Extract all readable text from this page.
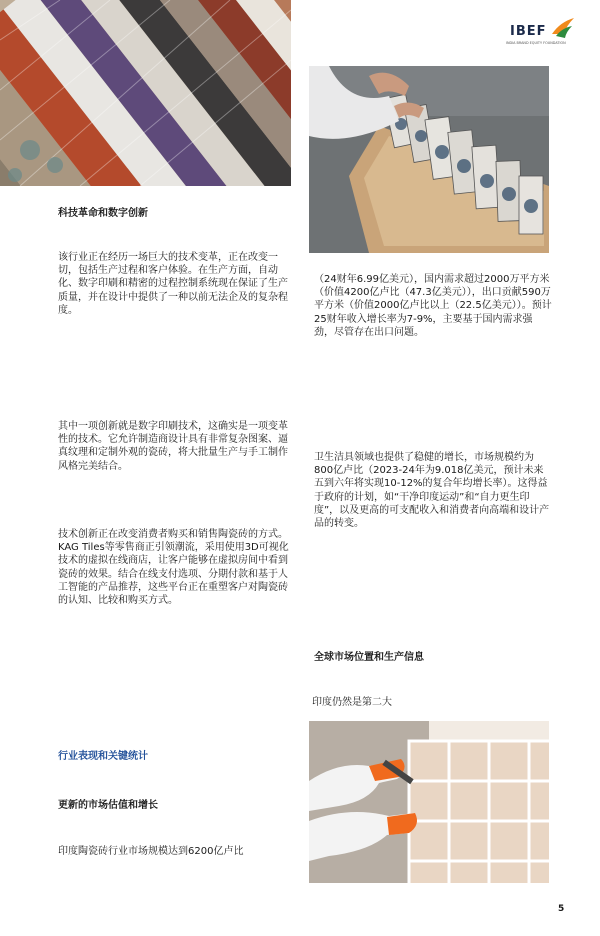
IBEF
INDIA BRAND EQUITY FOUNDATION
科技革命和数字创新
该行业正在经历一场巨大的技术变革，正在改变一切，包括生产过程和客户体验。在生产方面，自动化、数字印刷和精密的过程控制系统现在保证了生产质量，并在设计中提供了一种以前无法企及的复杂程度。
其中一项创新就是数字印刷技术，这确实是一项变革性的技术。它允许制造商设计具有非常复杂图案、逼真纹理和定制外观的瓷砖，将大批量生产与手工制作风格完美结合。
技术创新正在改变消费者购买和销售陶瓷砖的方式。KAG Tiles等零售商正引领潮流，采用使用3D可视化技术的虚拟在线商店，让客户能够在虚拟房间中看到瓷砖的效果。结合在线支付选项、分期付款和基于人工智能的产品推荐，这些平台正在重塑客户对陶瓷砖的认知、比较和购买方式。
行业表现和关键统计
更新的市场估值和增长
印度陶瓷砖行业市场规模达到6200亿卢比
（24财年6.99亿美元），国内需求超过2000万平方米（价值4200亿卢比（47.3亿美元）），出口贡献590万平方米（价值2000亿卢比以上（22.5亿美元））。预计25财年收入增长率为7-9%，主要基于国内需求强劲，尽管存在出口问题。
卫生洁具领域也提供了稳健的增长，市场规模约为800亿卢比（2023-24年为9.018亿美元，预计未来五到六年将实现10-12%的复合年均增长率）。这得益于政府的计划，如“干净印度运动”和“自力更生印度”，以及更高的可支配收入和消费者向高端和设计产品的转变。
全球市场位置和生产信息
印度仍然是第二大
5
